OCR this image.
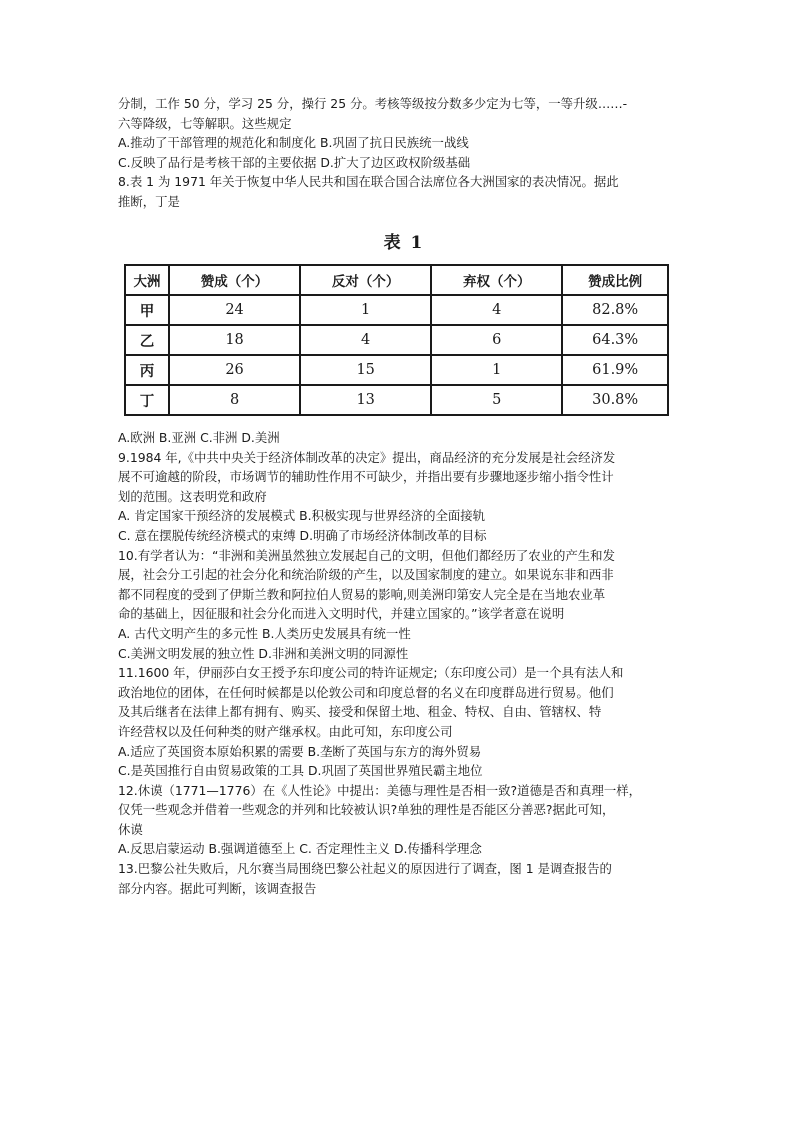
分制，工作 50 分，学习 25 分，操行 25 分。考核等级按分数多少定为七等，一等升级……-

六等降级，七等解职。这些规定

A.推动了干部管理的规范化和制度化 B.巩固了抗日民族统一战线

C.反映了品行是考核干部的主要依据 D.扩大了边区政权阶级基础

8.表 1 为 1971 年关于恢复中华人民共和国在联合国合法席位各大洲国家的表决情况。据此

推断，丁是

表 1
大洲	赞成（个）	反对（个）	弃权（个）	赞成比例
甲	24	1	4	82.8%
乙	18	4	6	64.3%
丙	26	15	1	61.9%
丁	8	13	5	30.8%

A.欧洲 B.亚洲 C.非洲 D.美洲

9.1984 年,《中共中央关于经济体制改革的决定》提出，商品经济的充分发展是社会经济发

展不可逾越的阶段，市场调节的辅助性作用不可缺少，并指出要有步骤地逐步缩小指令性计

划的范围。这表明党和政府

A. 肯定国家干预经济的发展模式 B.积极实现与世界经济的全面接轨

C. 意在摆脱传统经济模式的束缚 D.明确了市场经济体制改革的目标

10.有学者认为：“非洲和美洲虽然独立发展起自己的文明，但他们都经历了农业的产生和发

展，社会分工引起的社会分化和统治阶级的产生，以及国家制度的建立。如果说东非和西非

都不同程度的受到了伊斯兰教和阿拉伯人贸易的影响,则美洲印第安人完全是在当地农业革

命的基础上，因征服和社会分化而进入文明时代，并建立国家的。”该学者意在说明

A. 古代文明产生的多元性 B.人类历史发展具有统一性

C.美洲文明发展的独立性 D.非洲和美洲文明的同源性

11.1600 年，伊丽莎白女王授予东印度公司的特许证规定;（东印度公司）是一个具有法人和

政治地位的团体，在任何时候都是以伦敦公司和印度总督的名义在印度群岛进行贸易。他们

及其后继者在法律上都有拥有、购买、接受和保留土地、租金、特权、自由、管辖权、特

许经营权以及任何种类的财产继承权。由此可知，东印度公司

A.适应了英国资本原始积累的需要 B.垄断了英国与东方的海外贸易

C.是英国推行自由贸易政策的工具 D.巩固了英国世界殖民霸主地位

12.休谟（1771—1776）在《人性论》中提出：美德与理性是否相一致?道德是否和真理一样，

仅凭一些观念并借着一些观念的并列和比较被认识?单独的理性是否能区分善恶?据此可知，

休谟

A.反思启蒙运动 B.强调道德至上 C. 否定理性主义 D.传播科学理念

13.巴黎公社失败后，凡尔赛当局围绕巴黎公社起义的原因进行了调查，图 1 是调查报告的

部分内容。据此可判断，该调查报告
